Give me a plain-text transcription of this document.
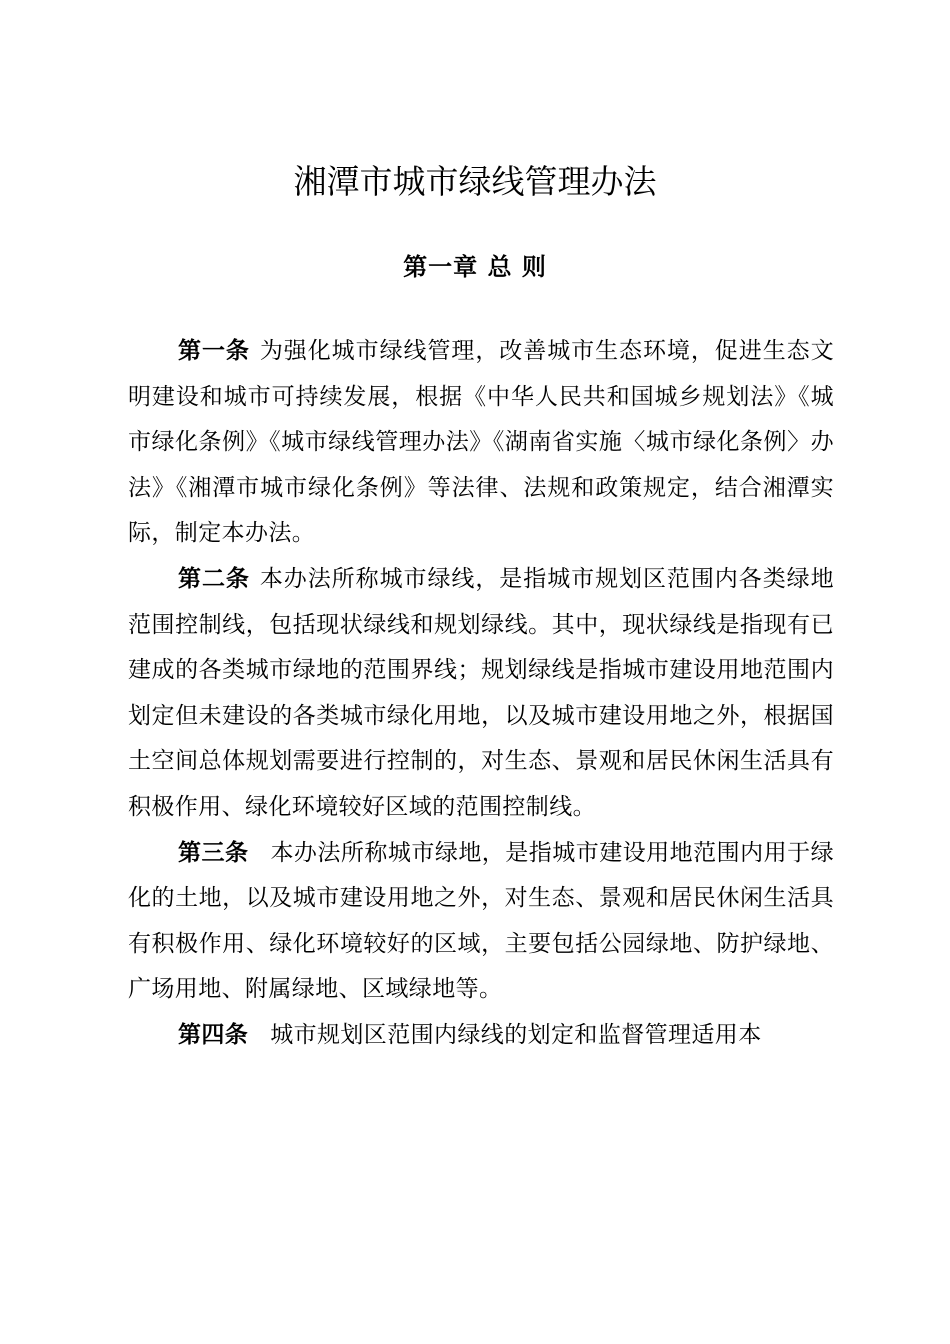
湘潭市城市绿线管理办法
第一章 总 则

第一条 为强化城市绿线管理，改善城市生态环境，促进生态文明建设和城市可持续发展，根据《中华人民共和国城乡规划法》《城市绿化条例》《城市绿线管理办法》《湖南省实施〈城市绿化条例〉办法》《湘潭市城市绿化条例》等法律、法规和政策规定，结合湘潭实际，制定本办法。

第二条 本办法所称城市绿线，是指城市规划区范围内各类绿地范围控制线，包括现状绿线和规划绿线。其中，现状绿线是指现有已建成的各类城市绿地的范围界线；规划绿线是指城市建设用地范围内划定但未建设的各类城市绿化用地，以及城市建设用地之外，根据国土空间总体规划需要进行控制的，对生态、景观和居民休闲生活具有积极作用、绿化环境较好区域的范围控制线。

第三条 本办法所称城市绿地，是指城市建设用地范围内用于绿化的土地，以及城市建设用地之外，对生态、景观和居民休闲生活具有积极作用、绿化环境较好的区域，主要包括公园绿地、防护绿地、广场用地、附属绿地、区域绿地等。

第四条 城市规划区范围内绿线的划定和监督管理适用本
